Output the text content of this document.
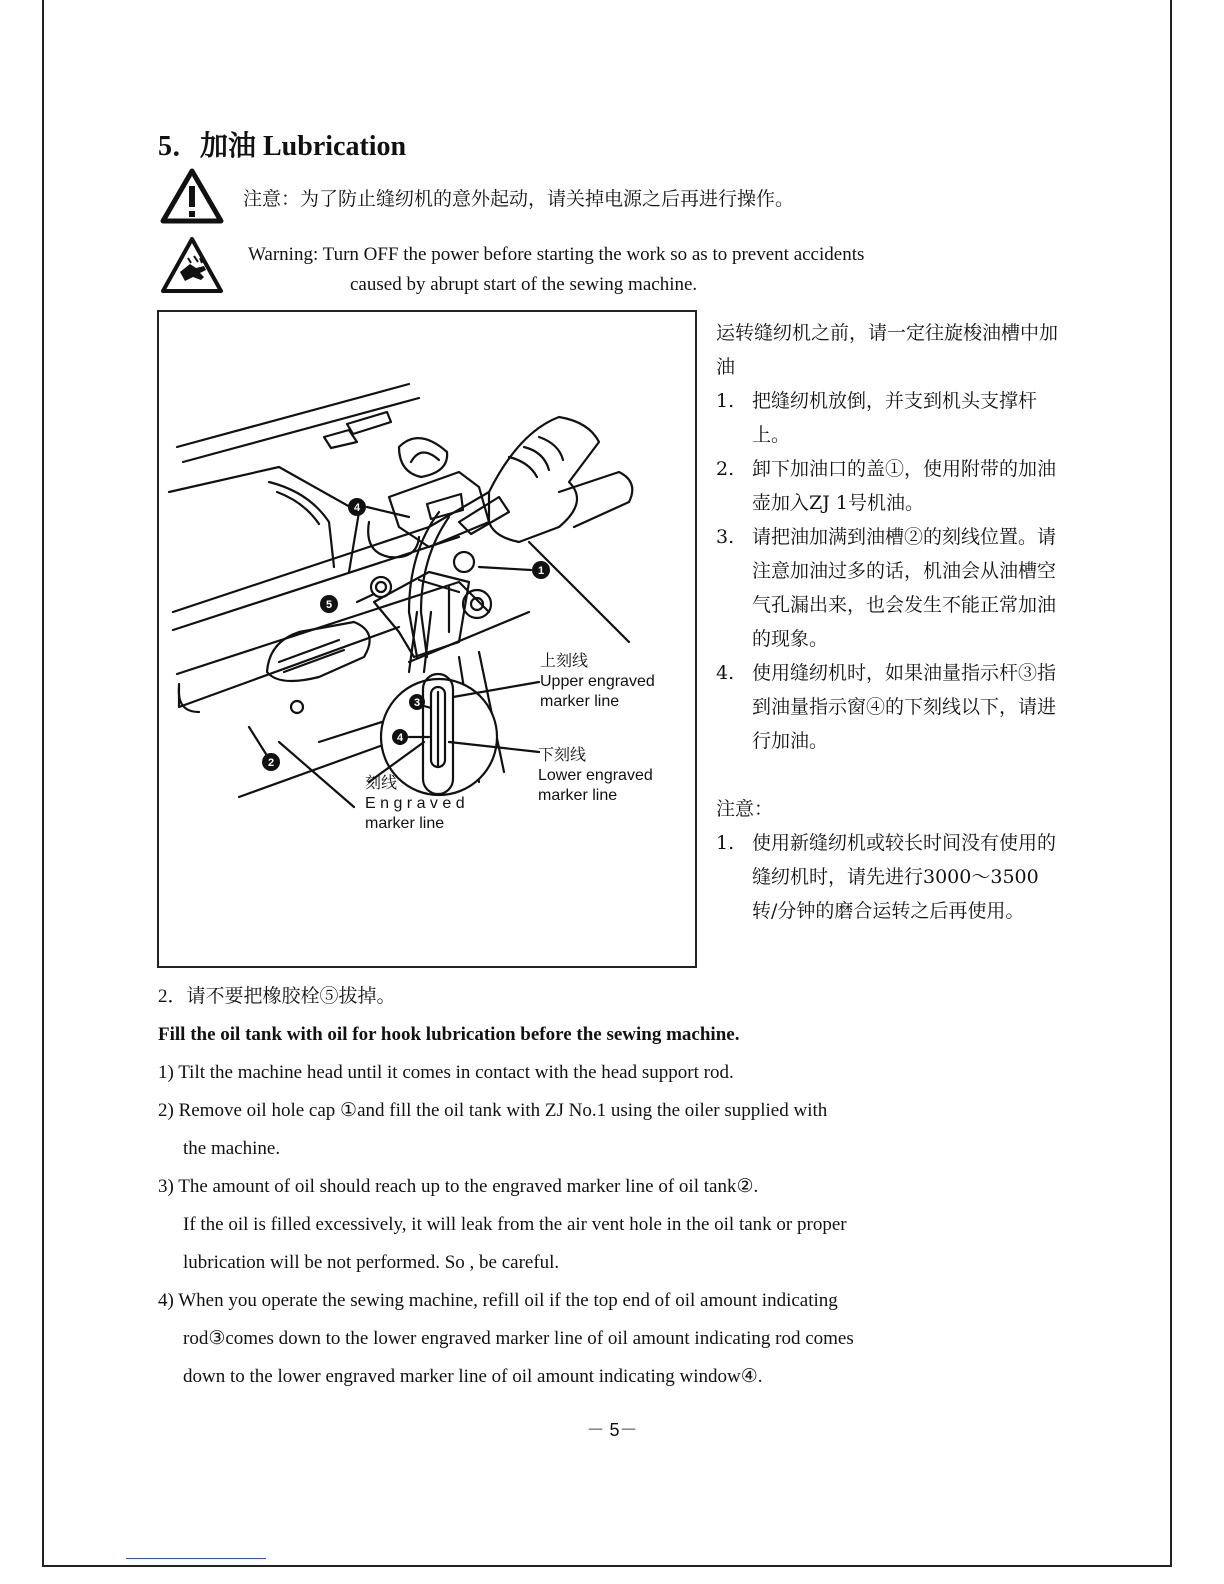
5．加油 Lubrication
注意：为了防止缝纫机的意外起动，请关掉电源之后再进行操作。
Warning: Turn OFF the power before starting the work so as to prevent accidents
caused by abrupt start of the sewing machine.
4
5
1
2
3
4
上刻线
Upper engraved
marker line
下刻线
Lower engraved
marker line
刻线
E n g r a v e d
marker line

运转缝纫机之前，请一定往旋梭油槽中加油

1. 把缝纫机放倒，并支到机头支撑杆上。
2. 卸下加油口的盖①，使用附带的加油壶加入ZJ 1号机油。
3. 请把油加满到油槽②的刻线位置。请注意加油过多的话，机油会从油槽空气孔漏出来，也会发生不能正常加油的现象。
4. 使用缝纫机时，如果油量指示杆③指到油量指示窗④的下刻线以下，请进行加油。

注意：

1. 使用新缝纫机或较长时间没有使用的缝纫机时，请先进行3000～3500转/分钟的磨合运转之后再使用。

2．请不要把橡胶栓⑤拔掉。

Fill the oil tank with oil for hook lubrication before the sewing machine.

1) Tilt the machine head until it comes in contact with the head support rod.

2) Remove oil hole cap ①and fill the oil tank with ZJ No.1 using the oiler supplied with

the machine.

3) The amount of oil should reach up to the engraved marker line of oil tank②.

If the oil is filled excessively, it will leak from the air vent hole in the oil tank or proper

lubrication will be not performed. So , be careful.

4) When you operate the sewing machine, refill oil if the top end of oil amount indicating

rod③comes down to the lower engraved marker line of oil amount indicating rod comes

down to the lower engraved marker line of oil amount indicating window④.

－ 5－
